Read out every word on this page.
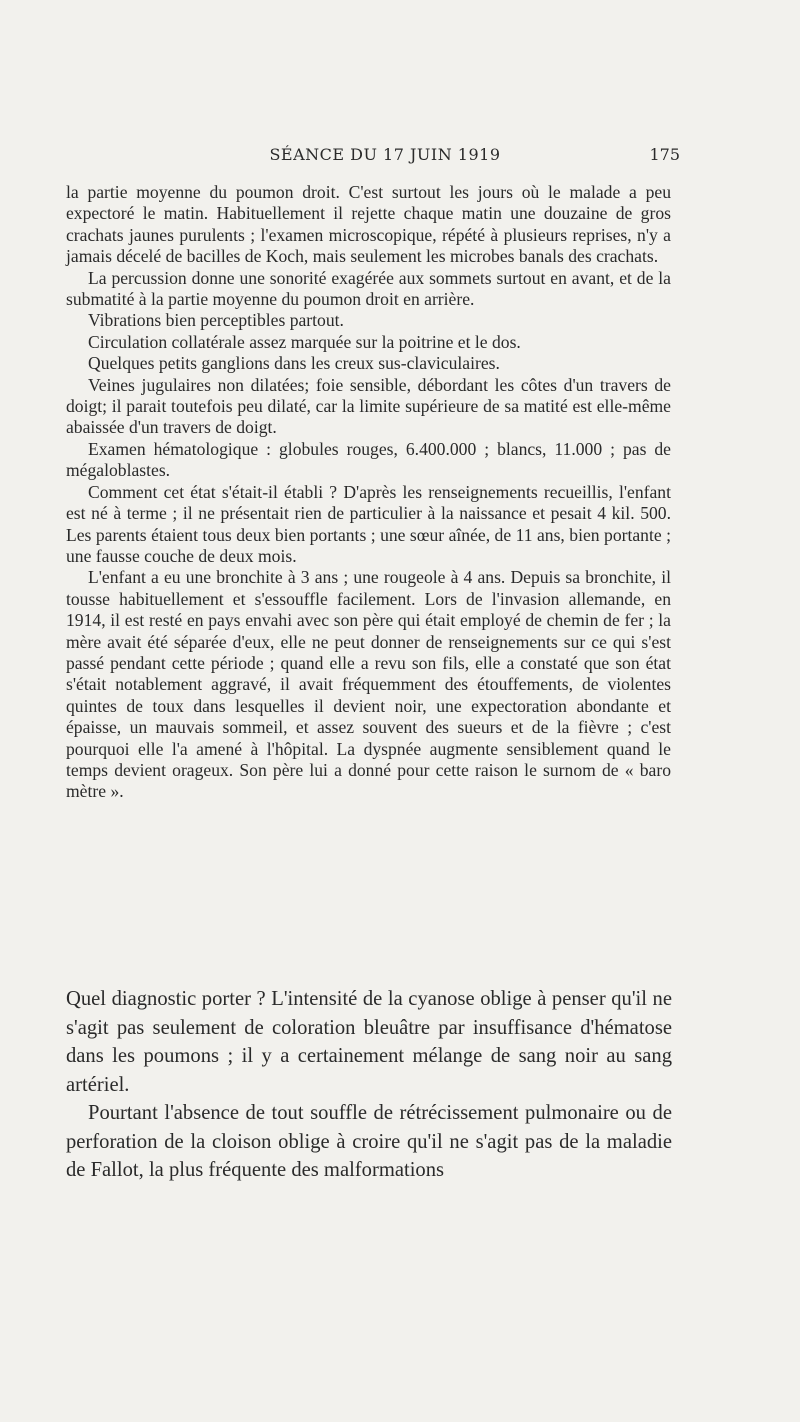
SÉANCE DU 17 JUIN 1919	175

la partie moyenne du poumon droit. C'est surtout les jours où le malade a peu expectoré le matin. Habituellement il rejette chaque matin une douzaine de gros crachats jaunes purulents ; l'examen microscopique, répété à plusieurs reprises, n'y a jamais décelé de bacilles de Koch, mais seulement les microbes banals des crachats.

La percussion donne une sonorité exagérée aux sommets surtout en avant, et de la submatité à la partie moyenne du poumon droit en arrière.

Vibrations bien perceptibles partout.

Circulation collatérale assez marquée sur la poitrine et le dos.

Quelques petits ganglions dans les creux sus-claviculaires.

Veines jugulaires non dilatées; foie sensible, débordant les côtes d'un travers de doigt; il parait toutefois peu dilaté, car la limite supérieure de sa matité est elle-même abaissée d'un travers de doigt.

Examen hématologique : globules rouges, 6.400.000 ; blancs, 11.000 ; pas de mégaloblastes.

Comment cet état s'était-il établi ? D'après les renseignements recueillis, l'enfant est né à terme ; il ne présentait rien de particulier à la naissance et pesait 4 kil. 500. Les parents étaient tous deux bien portants ; une sœur aînée, de 11 ans, bien portante ; une fausse couche de deux mois.

L'enfant a eu une bronchite à 3 ans ; une rougeole à 4 ans. Depuis sa bronchite, il tousse habituellement et s'essouffle facilement. Lors de l'invasion allemande, en 1914, il est resté en pays envahi avec son père qui était employé de chemin de fer ; la mère avait été séparée d'eux, elle ne peut donner de renseignements sur ce qui s'est passé pendant cette période ; quand elle a revu son fils, elle a constaté que son état s'était notablement aggravé, il avait fréquemment des étouffements, de violentes quintes de toux dans lesquelles il devient noir, une expectoration abondante et épaisse, un mauvais sommeil, et assez souvent des sueurs et de la fièvre ; c'est pourquoi elle l'a amené à l'hôpital. La dyspnée augmente sensiblement quand le temps devient orageux. Son père lui a donné pour cette raison le surnom de « baro mètre ».

Quel diagnostic porter ? L'intensité de la cyanose oblige à penser qu'il ne s'agit pas seulement de coloration bleuâtre par insuffisance d'hématose dans les poumons ; il y a certainement mélange de sang noir au sang artériel.

Pourtant l'absence de tout souffle de rétrécissement pulmonaire ou de perforation de la cloison oblige à croire qu'il ne s'agit pas de la maladie de Fallot, la plus fréquente des malformations
